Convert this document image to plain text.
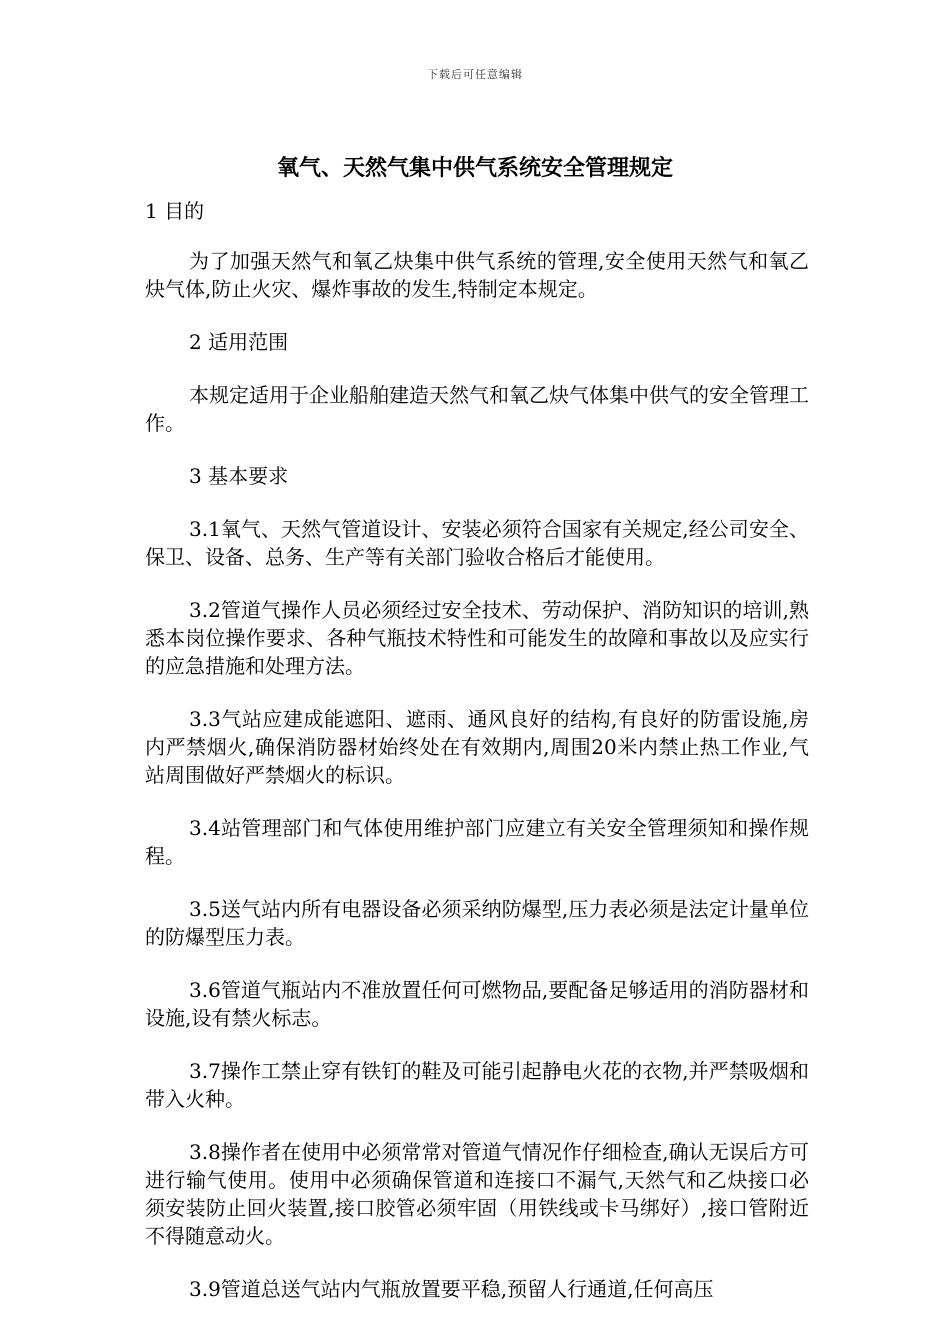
下载后可任意编辑
氧气、天然气集中供气系统安全管理规定

1 目的

为了加强天然气和氧乙炔集中供气系统的管理,安全使用天然气和氧乙炔气体,防止火灾、爆炸事故的发生,特制定本规定。

2 适用范围

本规定适用于企业船舶建造天然气和氧乙炔气体集中供气的安全管理工作。

3 基本要求

3.1氧气、天然气管道设计、安装必须符合国家有关规定,经公司安全、保卫、设备、总务、生产等有关部门验收合格后才能使用。

3.2管道气操作人员必须经过安全技术、劳动保护、消防知识的培训,熟悉本岗位操作要求、各种气瓶技术特性和可能发生的故障和事故以及应实行的应急措施和处理方法。

3.3气站应建成能遮阳、遮雨、通风良好的结构,有良好的防雷设施,房内严禁烟火,确保消防器材始终处在有效期内,周围20米内禁止热工作业,气站周围做好严禁烟火的标识。

3.4站管理部门和气体使用维护部门应建立有关安全管理须知和操作规程。

3.5送气站内所有电器设备必须采纳防爆型,压力表必须是法定计量单位的防爆型压力表。

3.6管道气瓶站内不准放置任何可燃物品,要配备足够适用的消防器材和设施,设有禁火标志。

3.7操作工禁止穿有铁钉的鞋及可能引起静电火花的衣物,并严禁吸烟和带入火种。

3.8操作者在使用中必须常常对管道气情况作仔细检查,确认无误后方可进行输气使用。使用中必须确保管道和连接口不漏气,天然气和乙炔接口必须安装防止回火装置,接口胶管必须牢固（用铁线或卡马绑好）,接口管附近不得随意动火。

3.9管道总送气站内气瓶放置要平稳,预留人行通道,任何高压
